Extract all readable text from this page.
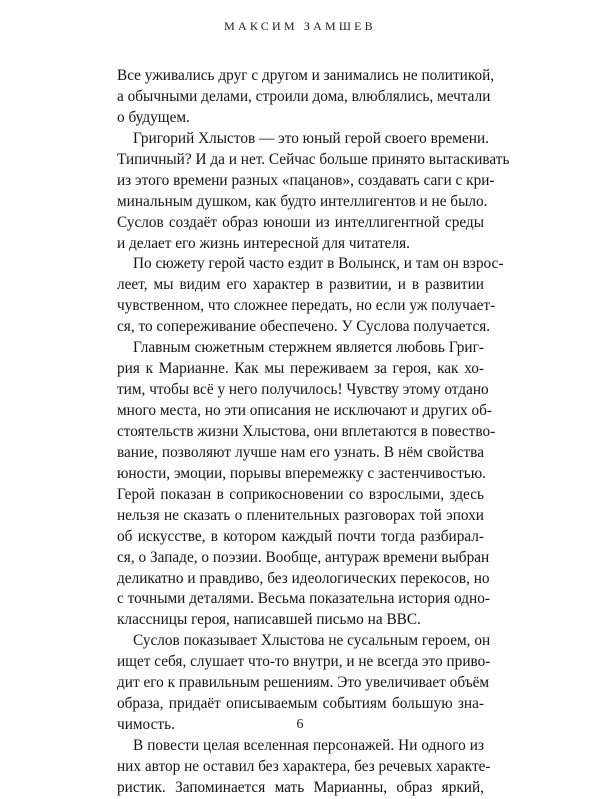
МАКСИМ ЗАМШЕВ

Все уживались друг с другом и занимались не политикой,
а обычными делами, строили дома, влюблялись, мечтали
о будущем.

Григорий Хлыстов — это юный герой своего времени.
Типичный? И да и нет. Сейчас больше принято вытаскивать
из этого времени разных «пацанов», создавать саги с кри-
минальным душком, как будто интеллигентов и не было.
Суслов создаёт образ юноши из интеллигентной среды
и делает его жизнь интересной для читателя.

По сюжету герой часто ездит в Волынск, и там он взрос-
леет, мы видим его характер в развитии, и в развитии
чувственном, что сложнее передать, но если уж получает-
ся, то сопереживание обеспечено. У Суслова получается.

Главным сюжетным стержнем является любовь Григ-
рия к Марианне. Как мы переживаем за героя, как хо-
тим, чтобы всё у него получилось! Чувству этому отдано
много места, но эти описания не исключают и других об-
стоятельств жизни Хлыстова, они вплетаются в повество-
вание, позволяют лучше нам его узнать. В нём свойства
юности, эмоции, порывы вперемежку с застенчивостью.
Герой показан в соприкосновении со взрослыми, здесь
нельзя не сказать о пленительных разговорах той эпохи
об искусстве, в котором каждый почти тогда разбирал-
ся, о Западе, о поэзии. Вообще, антураж времени выбран
деликатно и правдиво, без идеологических перекосов, но
с точными деталями. Весьма показательна история одно-
классницы героя, написавшей письмо на BBC.

Суслов показывает Хлыстова не сусальным героем, он
ищет себя, слушает что-то внутри, и не всегда это приво-
дит его к правильным решениям. Это увеличивает объём
образа, придаёт описываемым событиям большую зна-
чимость.

В повести целая вселенная персонажей. Ни одного из
них автор не оставил без характера, без речевых характе-
ристик. Запоминается мать Марианны, образ яркий,

6
